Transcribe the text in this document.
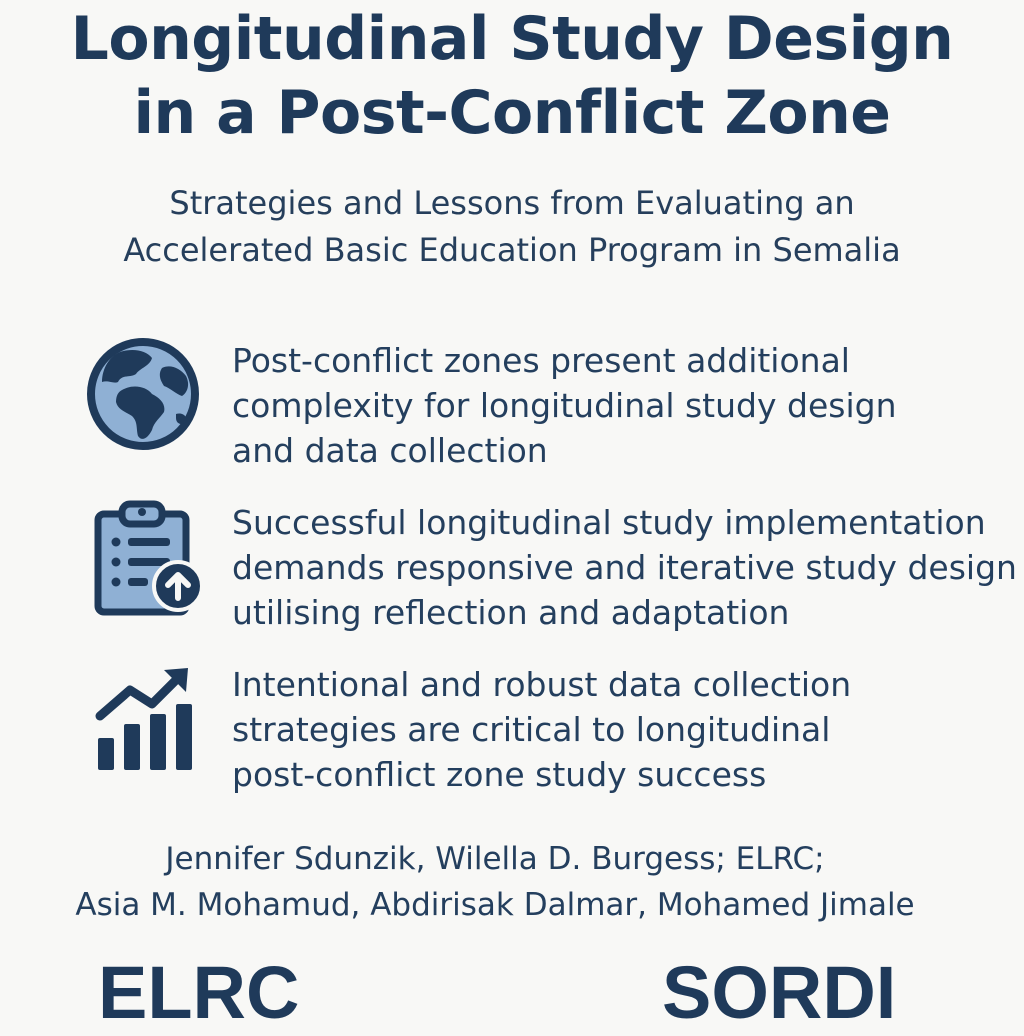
Longitudinal Study Design
in a Post-Conflict Zone
Strategies and Lessons from Evaluating an
Accelerated Basic Education Program in Semalia
Post-conflict zones present additional
complexity for longitudinal study design
and data collection
Successful longitudinal study implementation
demands responsive and iterative study design
utilising reflection and adaptation
Intentional and robust data collection
strategies are critical to longitudinal
post-conflict zone study success
Jennifer Sdunzik, Wilella D. Burgess; ELRC;
Asia M. Mohamud, Abdirisak Dalmar, Mohamed Jimale
ELRC	SORDI
